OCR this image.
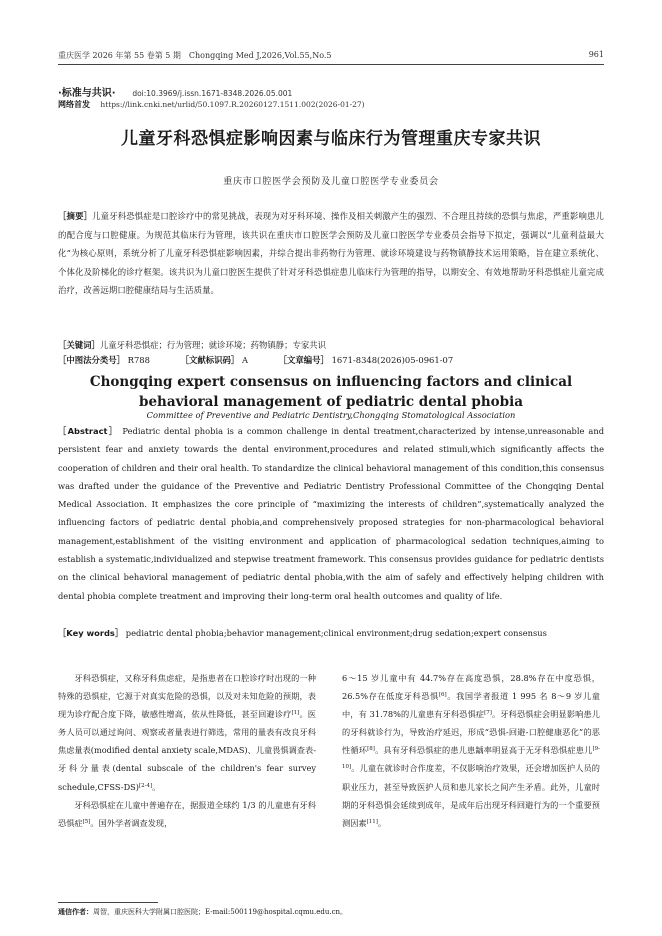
重庆医学 2026 年第 55 卷第 5 期　Chongqing Med J,2026,Vol.55,No.5	961
·标准与共识· doi:10.3969/j.issn.1671-8348.2026.05.001
网络首发 https://link.cnki.net/urlid/50.1097.R.20260127.1511.002(2026-01-27)
儿童牙科恐惧症影响因素与临床行为管理重庆专家共识
重庆市口腔医学会预防及儿童口腔医学专业委员会
［摘要］儿童牙科恐惧症是口腔诊疗中的常见挑战，表现为对牙科环境、操作及相关刺激产生的强烈、不合理且持续的恐惧与焦虑，严重影响患儿的配合度与口腔健康。为规范其临床行为管理，该共识在重庆市口腔医学会预防及儿童口腔医学专业委员会指导下拟定，强调以“儿童利益最大化”为核心原则，系统分析了儿童牙科恐惧症影响因素，并综合提出非药物行为管理、就诊环境建设与药物镇静技术运用策略，旨在建立系统化、个体化及阶梯化的诊疗框架。该共识为儿童口腔医生提供了针对牙科恐惧症患儿临床行为管理的指导，以期安全、有效地帮助牙科恐惧症儿童完成治疗，改善远期口腔健康结局与生活质量。
［关键词］儿童牙科恐惧症；行为管理；就诊环境；药物镇静；专家共识
［中图法分类号］ R788	［文献标识码］ A	［文章编号］ 1671-8348(2026)05-0961-07
Chongqing expert consensus on influencing factors and clinical behavioral management of pediatric dental phobia
Committee of Preventive and Pediatric Dentistry,Chongqing Stomatological Association
［Abstract］ Pediatric dental phobia is a common challenge in dental treatment,characterized by intense,unreasonable and persistent fear and anxiety towards the dental environment,procedures and related stimuli,which significantly affects the cooperation of children and their oral health. To standardize the clinical behavioral management of this condition,this consensus was drafted under the guidance of the Preventive and Pediatric Dentistry Professional Committee of the Chongqing Dental Medical Association. It emphasizes the core principle of “maximizing the interests of children”,systematically analyzed the influencing factors of pediatric dental phobia,and comprehensively proposed strategies for non-pharmacological behavioral management,establishment of the visiting environment and application of pharmacological sedation techniques,aiming to establish a systematic,individualized and stepwise treatment framework. This consensus provides guidance for pediatric dentists on the clinical behavioral management of pediatric dental phobia,with the aim of safely and effectively helping children with dental phobia complete treatment and improving their long-term oral health outcomes and quality of life.
［Key words］ pediatric dental phobia;behavior management;clinical environment;drug sedation;expert consensus

牙科恐惧症，又称牙科焦虑症，是指患者在口腔诊疗时出现的一种特殊的恐惧症，它源于对真实危险的恐惧，以及对未知危险的预期，表现为诊疗配合度下降，敏感性增高，依从性降低，甚至回避诊疗[1]。医务人员可以通过询问、观察或者量表进行筛选，常用的量表有改良牙科焦虑量表(modified dental anxiety scale,MDAS)、儿童畏惧调查表-牙科分量表(dental subscale of the children's fear survey schedule,CFSS-DS)[2-4]。

牙科恐惧症在儿童中普遍存在，据报道全球约 1/3 的儿童患有牙科恐惧症[5]。国外学者调查发现，

6～15 岁儿童中有 44.7%存在高度恐惧，28.8%存在中度恐惧，26.5%存在低度牙科恐惧[6]。我国学者报道 1 995 名 8～9 岁儿童中，有 31.78%的儿童患有牙科恐惧症[7]。牙科恐惧症会明显影响患儿的牙科就诊行为，导致治疗延迟，形成“恐惧-回避-口腔健康恶化”的恶性循环[8]。具有牙科恐惧症的患儿患龋率明显高于无牙科恐惧症患儿[9-10]。儿童在就诊时合作度差，不仅影响治疗效果，还会增加医护人员的职业压力，甚至导致医护人员和患儿家长之间产生矛盾。此外，儿童时期的牙科恐惧会延续到成年，是成年后出现牙科回避行为的一个重要预测因素[11]。

通信作者：周智，重庆医科大学附属口腔医院；E-mail:500119@hospital.cqmu.edu.cn。
